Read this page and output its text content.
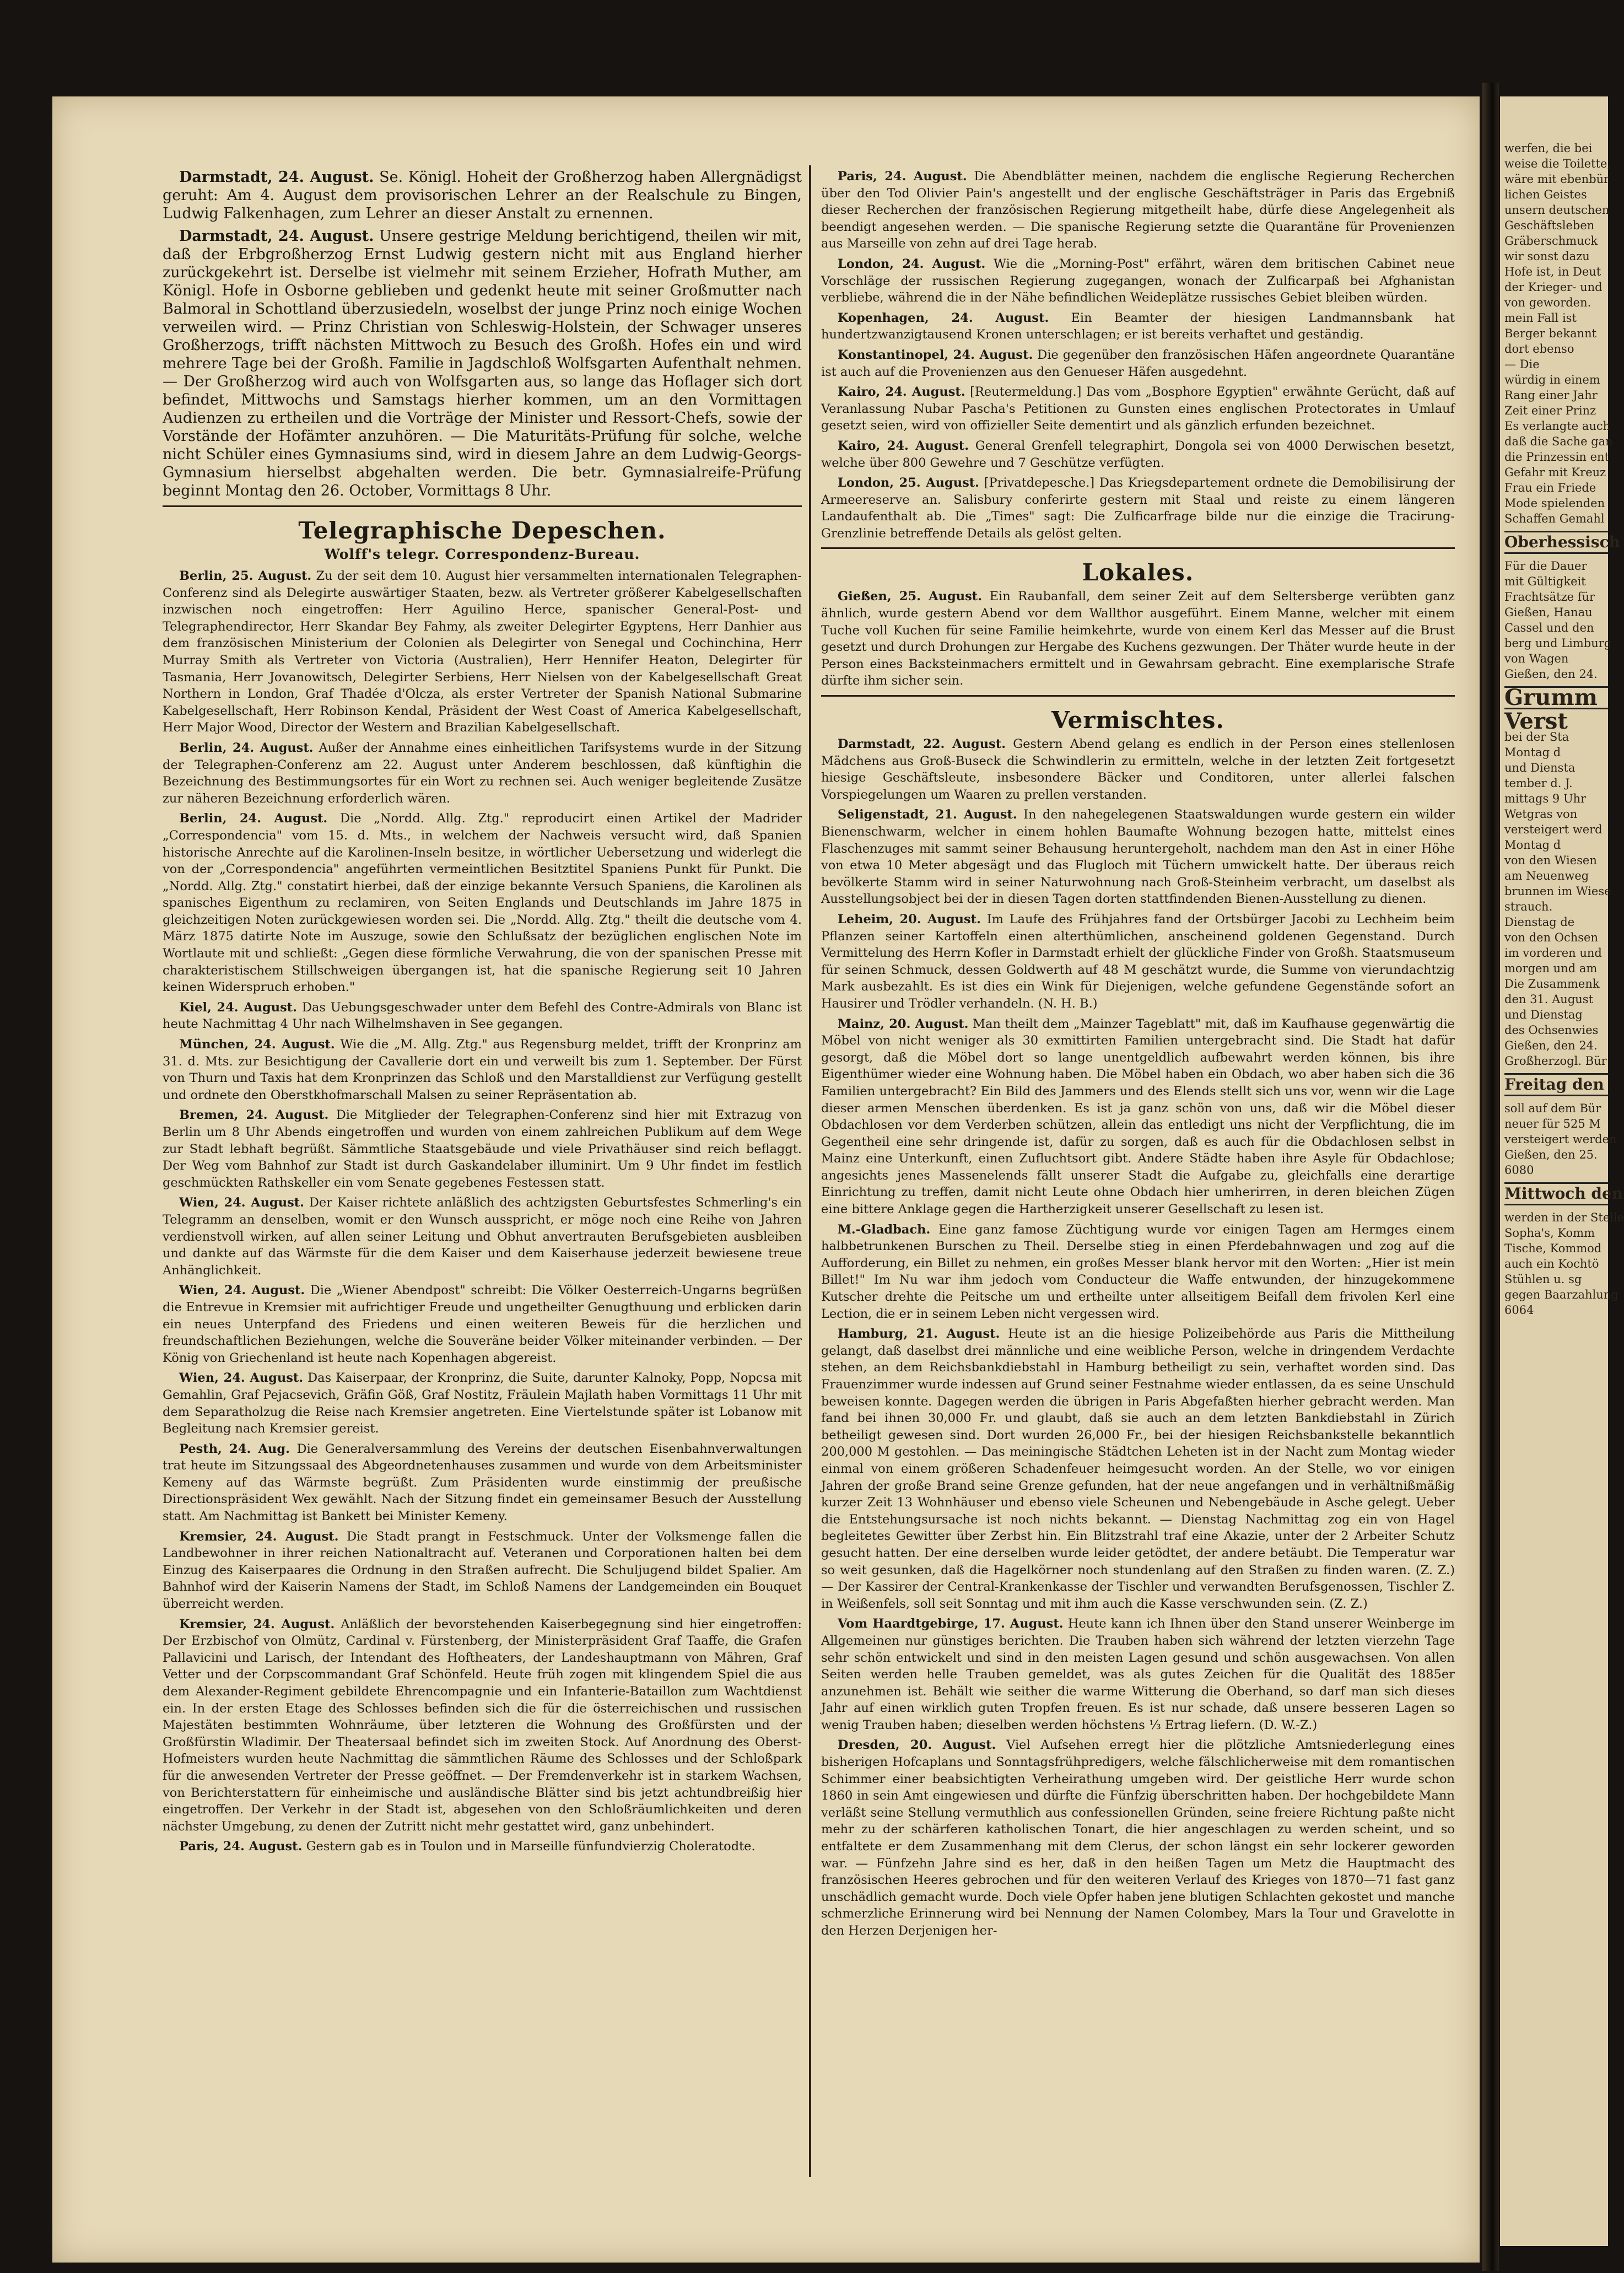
Darmstadt, 24. August. Se. Königl. Hoheit der Großherzog haben Allergnädigst geruht: Am 4. August dem provisorischen Lehrer an der Realschule zu Bingen, Ludwig Falkenhagen, zum Lehrer an dieser Anstalt zu ernennen.

Darmstadt, 24. August. Unsere gestrige Meldung berichtigend, theilen wir mit, daß der Erbgroßherzog Ernst Ludwig gestern nicht mit aus England hierher zurückgekehrt ist. Derselbe ist vielmehr mit seinem Erzieher, Hofrath Muther, am Königl. Hofe in Osborne geblieben und gedenkt heute mit seiner Großmutter nach Balmoral in Schottland überzusiedeln, woselbst der junge Prinz noch einige Wochen verweilen wird. — Prinz Christian von Schleswig-Holstein, der Schwager unseres Großherzogs, trifft nächsten Mittwoch zu Besuch des Großh. Hofes ein und wird mehrere Tage bei der Großh. Familie in Jagdschloß Wolfsgarten Aufenthalt nehmen. — Der Großherzog wird auch von Wolfsgarten aus, so lange das Hoflager sich dort befindet, Mittwochs und Samstags hierher kommen, um an den Vormittagen Audienzen zu ertheilen und die Vorträge der Minister und Ressort-Chefs, sowie der Vorstände der Hofämter anzuhören. — Die Maturitäts-Prüfung für solche, welche nicht Schüler eines Gymnasiums sind, wird in diesem Jahre an dem Ludwig-Georgs-Gymnasium hierselbst abgehalten werden. Die betr. Gymnasialreife-Prüfung beginnt Montag den 26. October, Vormittags 8 Uhr.

Telegraphische Depeschen.
Wolff's telegr. Correspondenz-Bureau.

Berlin, 25. August. Zu der seit dem 10. August hier versammelten internationalen Telegraphen-Conferenz sind als Delegirte auswärtiger Staaten, bezw. als Vertreter größerer Kabelgesellschaften inzwischen noch eingetroffen: Herr Aguilino Herce, spanischer General-Post- und Telegraphendirector, Herr Skandar Bey Fahmy, als zweiter Delegirter Egyptens, Herr Danhier aus dem französischen Ministerium der Colonien als Delegirter von Senegal und Cochinchina, Herr Murray Smith als Vertreter von Victoria (Australien), Herr Hennifer Heaton, Delegirter für Tasmania, Herr Jovanowitsch, Delegirter Serbiens, Herr Nielsen von der Kabelgesellschaft Great Northern in London, Graf Thadée d'Olcza, als erster Vertreter der Spanish National Submarine Kabelgesellschaft, Herr Robinson Kendal, Präsident der West Coast of America Kabelgesellschaft, Herr Major Wood, Director der Western and Brazilian Kabelgesellschaft.

Berlin, 24. August. Außer der Annahme eines einheitlichen Tarifsystems wurde in der Sitzung der Telegraphen-Conferenz am 22. August unter Anderem beschlossen, daß künftighin die Bezeichnung des Bestimmungsortes für ein Wort zu rechnen sei. Auch weniger begleitende Zusätze zur näheren Bezeichnung erforderlich wären.

Berlin, 24. August. Die „Nordd. Allg. Ztg." reproducirt einen Artikel der Madrider „Correspondencia" vom 15. d. Mts., in welchem der Nachweis versucht wird, daß Spanien historische Anrechte auf die Karolinen-Inseln besitze, in wörtlicher Uebersetzung und widerlegt die von der „Correspondencia" angeführten vermeintlichen Besitztitel Spaniens Punkt für Punkt. Die „Nordd. Allg. Ztg." constatirt hierbei, daß der einzige bekannte Versuch Spaniens, die Karolinen als spanisches Eigenthum zu reclamiren, von Seiten Englands und Deutschlands im Jahre 1875 in gleichzeitigen Noten zurückgewiesen worden sei. Die „Nordd. Allg. Ztg." theilt die deutsche vom 4. März 1875 datirte Note im Auszuge, sowie den Schlußsatz der bezüglichen englischen Note im Wortlaute mit und schließt: „Gegen diese förmliche Verwahrung, die von der spanischen Presse mit charakteristischem Stillschweigen übergangen ist, hat die spanische Regierung seit 10 Jahren keinen Widerspruch erhoben."

Kiel, 24. August. Das Uebungsgeschwader unter dem Befehl des Contre-Admirals von Blanc ist heute Nachmittag 4 Uhr nach Wilhelmshaven in See gegangen.

München, 24. August. Wie die „M. Allg. Ztg." aus Regensburg meldet, trifft der Kronprinz am 31. d. Mts. zur Besichtigung der Cavallerie dort ein und verweilt bis zum 1. September. Der Fürst von Thurn und Taxis hat dem Kronprinzen das Schloß und den Marstalldienst zur Verfügung gestellt und ordnete den Oberstkhofmarschall Malsen zu seiner Repräsentation ab.

Bremen, 24. August. Die Mitglieder der Telegraphen-Conferenz sind hier mit Extrazug von Berlin um 8 Uhr Abends eingetroffen und wurden von einem zahlreichen Publikum auf dem Wege zur Stadt lebhaft begrüßt. Sämmtliche Staatsgebäude und viele Privathäuser sind reich beflaggt. Der Weg vom Bahnhof zur Stadt ist durch Gaskandelaber illuminirt. Um 9 Uhr findet im festlich geschmückten Rathskeller ein vom Senate gegebenes Festessen statt.

Wien, 24. August. Der Kaiser richtete anläßlich des achtzigsten Geburtsfestes Schmerling's ein Telegramm an denselben, womit er den Wunsch ausspricht, er möge noch eine Reihe von Jahren verdienstvoll wirken, auf allen seiner Leitung und Obhut anvertrauten Berufsgebieten ausbleiben und dankte auf das Wärmste für die dem Kaiser und dem Kaiserhause jederzeit bewiesene treue Anhänglichkeit.

Wien, 24. August. Die „Wiener Abendpost" schreibt: Die Völker Oesterreich-Ungarns begrüßen die Entrevue in Kremsier mit aufrichtiger Freude und ungetheilter Genugthuung und erblicken darin ein neues Unterpfand des Friedens und einen weiteren Beweis für die herzlichen und freundschaftlichen Beziehungen, welche die Souveräne beider Völker miteinander verbinden. — Der König von Griechenland ist heute nach Kopenhagen abgereist.

Wien, 24. August. Das Kaiserpaar, der Kronprinz, die Suite, darunter Kalnoky, Popp, Nopcsa mit Gemahlin, Graf Pejacsevich, Gräfin Göß, Graf Nostitz, Fräulein Majlath haben Vormittags 11 Uhr mit dem Separatholzug die Reise nach Kremsier angetreten. Eine Viertelstunde später ist Lobanow mit Begleitung nach Kremsier gereist.

Pesth, 24. Aug. Die Generalversammlung des Vereins der deutschen Eisenbahnverwaltungen trat heute im Sitzungssaal des Abgeordnetenhauses zusammen und wurde von dem Arbeitsminister Kemeny auf das Wärmste begrüßt. Zum Präsidenten wurde einstimmig der preußische Directionspräsident Wex gewählt. Nach der Sitzung findet ein gemeinsamer Besuch der Ausstellung statt. Am Nachmittag ist Bankett bei Minister Kemeny.

Kremsier, 24. August. Die Stadt prangt in Festschmuck. Unter der Volksmenge fallen die Landbewohner in ihrer reichen Nationaltracht auf. Veteranen und Corporationen halten bei dem Einzug des Kaiserpaares die Ordnung in den Straßen aufrecht. Die Schuljugend bildet Spalier. Am Bahnhof wird der Kaiserin Namens der Stadt, im Schloß Namens der Landgemeinden ein Bouquet überreicht werden.

Kremsier, 24. August. Anläßlich der bevorstehenden Kaiserbegegnung sind hier eingetroffen: Der Erzbischof von Olmütz, Cardinal v. Fürstenberg, der Ministerpräsident Graf Taaffe, die Grafen Pallavicini und Larisch, der Intendant des Hoftheaters, der Landeshauptmann von Mähren, Graf Vetter und der Corpscommandant Graf Schönfeld. Heute früh zogen mit klingendem Spiel die aus dem Alexander-Regiment gebildete Ehrencompagnie und ein Infanterie-Bataillon zum Wachtdienst ein. In der ersten Etage des Schlosses befinden sich die für die österreichischen und russischen Majestäten bestimmten Wohnräume, über letzteren die Wohnung des Großfürsten und der Großfürstin Wladimir. Der Theatersaal befindet sich im zweiten Stock. Auf Anordnung des Oberst-Hofmeisters wurden heute Nachmittag die sämmtlichen Räume des Schlosses und der Schloßpark für die anwesenden Vertreter der Presse geöffnet. — Der Fremdenverkehr ist in starkem Wachsen, von Berichterstattern für einheimische und ausländische Blätter sind bis jetzt achtundbreißig hier eingetroffen. Der Verkehr in der Stadt ist, abgesehen von den Schloßräumlichkeiten und deren nächster Umgebung, zu denen der Zutritt nicht mehr gestattet wird, ganz unbehindert.

Paris, 24. August. Gestern gab es in Toulon und in Marseille fünfundvierzig Choleratodte.

Paris, 24. August. Die Abendblätter meinen, nachdem die englische Regierung Recherchen über den Tod Olivier Pain's angestellt und der englische Geschäftsträger in Paris das Ergebniß dieser Recherchen der französischen Regierung mitgetheilt habe, dürfe diese Angelegenheit als beendigt angesehen werden. — Die spanische Regierung setzte die Quarantäne für Provenienzen aus Marseille von zehn auf drei Tage herab.

London, 24. August. Wie die „Morning-Post" erfährt, wären dem britischen Cabinet neue Vorschläge der russischen Regierung zugegangen, wonach der Zulficarpaß bei Afghanistan verbliebe, während die in der Nähe befindlichen Weideplätze russisches Gebiet bleiben würden.

Kopenhagen, 24. August. Ein Beamter der hiesigen Landmannsbank hat hundertzwanzigtausend Kronen unterschlagen; er ist bereits verhaftet und geständig.

Konstantinopel, 24. August. Die gegenüber den französischen Häfen angeordnete Quarantäne ist auch auf die Provenienzen aus den Genueser Häfen ausgedehnt.

Kairo, 24. August. [Reutermeldung.] Das vom „Bosphore Egyptien" erwähnte Gerücht, daß auf Veranlassung Nubar Pascha's Petitionen zu Gunsten eines englischen Protectorates in Umlauf gesetzt seien, wird von offizieller Seite dementirt und als gänzlich erfunden bezeichnet.

Kairo, 24. August. General Grenfell telegraphirt, Dongola sei von 4000 Derwischen besetzt, welche über 800 Gewehre und 7 Geschütze verfügten.

London, 25. August. [Privatdepesche.] Das Kriegsdepartement ordnete die Demobilisirung der Armeereserve an. Salisbury conferirte gestern mit Staal und reiste zu einem längeren Landaufenthalt ab. Die „Times" sagt: Die Zulficarfrage bilde nur die einzige die Tracirung-Grenzlinie betreffende Details als gelöst gelten.

Lokales.

Gießen, 25. August. Ein Raubanfall, dem seiner Zeit auf dem Seltersberge verübten ganz ähnlich, wurde gestern Abend vor dem Wallthor ausgeführt. Einem Manne, welcher mit einem Tuche voll Kuchen für seine Familie heimkehrte, wurde von einem Kerl das Messer auf die Brust gesetzt und durch Drohungen zur Hergabe des Kuchens gezwungen. Der Thäter wurde heute in der Person eines Backsteinmachers ermittelt und in Gewahrsam gebracht. Eine exemplarische Strafe dürfte ihm sicher sein.

Vermischtes.

Darmstadt, 22. August. Gestern Abend gelang es endlich in der Person eines stellenlosen Mädchens aus Groß-Buseck die Schwindlerin zu ermitteln, welche in der letzten Zeit fortgesetzt hiesige Geschäftsleute, insbesondere Bäcker und Conditoren, unter allerlei falschen Vorspiegelungen um Waaren zu prellen verstanden.

Seligenstadt, 21. August. In den nahegelegenen Staatswaldungen wurde gestern ein wilder Bienenschwarm, welcher in einem hohlen Baumafte Wohnung bezogen hatte, mittelst eines Flaschenzuges mit sammt seiner Behausung heruntergeholt, nachdem man den Ast in einer Höhe von etwa 10 Meter abgesägt und das Flugloch mit Tüchern umwickelt hatte. Der überaus reich bevölkerte Stamm wird in seiner Naturwohnung nach Groß-Steinheim verbracht, um daselbst als Ausstellungsobject bei der in diesen Tagen dorten stattfindenden Bienen-Ausstellung zu dienen.

Leheim, 20. August. Im Laufe des Frühjahres fand der Ortsbürger Jacobi zu Lechheim beim Pflanzen seiner Kartoffeln einen alterthümlichen, anscheinend goldenen Gegenstand. Durch Vermittelung des Herrn Kofler in Darmstadt erhielt der glückliche Finder von Großh. Staatsmuseum für seinen Schmuck, dessen Goldwerth auf 48 M geschätzt wurde, die Summe von vierundachtzig Mark ausbezahlt. Es ist dies ein Wink für Diejenigen, welche gefundene Gegenstände sofort an Hausirer und Trödler verhandeln. (N. H. B.)

Mainz, 20. August. Man theilt dem „Mainzer Tageblatt" mit, daß im Kaufhause gegenwärtig die Möbel von nicht weniger als 30 exmittirten Familien untergebracht sind. Die Stadt hat dafür gesorgt, daß die Möbel dort so lange unentgeldlich aufbewahrt werden können, bis ihre Eigenthümer wieder eine Wohnung haben. Die Möbel haben ein Obdach, wo aber haben sich die 36 Familien untergebracht? Ein Bild des Jammers und des Elends stellt sich uns vor, wenn wir die Lage dieser armen Menschen überdenken. Es ist ja ganz schön von uns, daß wir die Möbel dieser Obdachlosen vor dem Verderben schützen, allein das entledigt uns nicht der Verpflichtung, die im Gegentheil eine sehr dringende ist, dafür zu sorgen, daß es auch für die Obdachlosen selbst in Mainz eine Unterkunft, einen Zufluchtsort gibt. Andere Städte haben ihre Asyle für Obdachlose; angesichts jenes Massenelends fällt unserer Stadt die Aufgabe zu, gleichfalls eine derartige Einrichtung zu treffen, damit nicht Leute ohne Obdach hier umherirren, in deren bleichen Zügen eine bittere Anklage gegen die Hartherzigkeit unserer Gesellschaft zu lesen ist.

M.-Gladbach. Eine ganz famose Züchtigung wurde vor einigen Tagen am Hermges einem halbbetrunkenen Burschen zu Theil. Derselbe stieg in einen Pferdebahnwagen und zog auf die Aufforderung, ein Billet zu nehmen, ein großes Messer blank hervor mit den Worten: „Hier ist mein Billet!" Im Nu war ihm jedoch vom Conducteur die Waffe entwunden, der hinzugekommene Kutscher drehte die Peitsche um und ertheilte unter allseitigem Beifall dem frivolen Kerl eine Lection, die er in seinem Leben nicht vergessen wird.

Hamburg, 21. August. Heute ist an die hiesige Polizeibehörde aus Paris die Mittheilung gelangt, daß daselbst drei männliche und eine weibliche Person, welche in dringendem Verdachte stehen, an dem Reichsbankdiebstahl in Hamburg betheiligt zu sein, verhaftet worden sind. Das Frauenzimmer wurde indessen auf Grund seiner Festnahme wieder entlassen, da es seine Unschuld beweisen konnte. Dagegen werden die übrigen in Paris Abgefaßten hierher gebracht werden. Man fand bei ihnen 30,000 Fr. und glaubt, daß sie auch an dem letzten Bankdiebstahl in Zürich betheiligt gewesen sind. Dort wurden 26,000 Fr., bei der hiesigen Reichsbankstelle bekanntlich 200,000 M gestohlen. — Das meiningische Städtchen Leheten ist in der Nacht zum Montag wieder einmal von einem größeren Schadenfeuer heimgesucht worden. An der Stelle, wo vor einigen Jahren der große Brand seine Grenze gefunden, hat der neue angefangen und in verhältnißmäßig kurzer Zeit 13 Wohnhäuser und ebenso viele Scheunen und Nebengebäude in Asche gelegt. Ueber die Entstehungsursache ist noch nichts bekannt. — Dienstag Nachmittag zog ein von Hagel begleitetes Gewitter über Zerbst hin. Ein Blitzstrahl traf eine Akazie, unter der 2 Arbeiter Schutz gesucht hatten. Der eine derselben wurde leider getödtet, der andere betäubt. Die Temperatur war so weit gesunken, daß die Hagelkörner noch stundenlang auf den Straßen zu finden waren. (Z. Z.) — Der Kassirer der Central-Krankenkasse der Tischler und verwandten Berufsgenossen, Tischler Z. in Weißenfels, soll seit Sonntag und mit ihm auch die Kasse verschwunden sein. (Z. Z.)

Vom Haardtgebirge, 17. August. Heute kann ich Ihnen über den Stand unserer Weinberge im Allgemeinen nur günstiges berichten. Die Trauben haben sich während der letzten vierzehn Tage sehr schön entwickelt und sind in den meisten Lagen gesund und schön ausgewachsen. Von allen Seiten werden helle Trauben gemeldet, was als gutes Zeichen für die Qualität des 1885er anzunehmen ist. Behält wie seither die warme Witterung die Oberhand, so darf man sich dieses Jahr auf einen wirklich guten Tropfen freuen. Es ist nur schade, daß unsere besseren Lagen so wenig Trauben haben; dieselben werden höchstens ⅓ Ertrag liefern. (D. W.-Z.)

Dresden, 20. August. Viel Aufsehen erregt hier die plötzliche Amtsniederlegung eines bisherigen Hofcaplans und Sonntagsfrühpredigers, welche fälschlicherweise mit dem romantischen Schimmer einer beabsichtigten Verheirathung umgeben wird. Der geistliche Herr wurde schon 1860 in sein Amt eingewiesen und dürfte die Fünfzig überschritten haben. Der hochgebildete Mann verläßt seine Stellung vermuthlich aus confessionellen Gründen, seine freiere Richtung paßte nicht mehr zu der schärferen katholischen Tonart, die hier angeschlagen zu werden scheint, und so entfaltete er dem Zusammenhang mit dem Clerus, der schon längst ein sehr lockerer geworden war. — Fünfzehn Jahre sind es her, daß in den heißen Tagen um Metz die Hauptmacht des französischen Heeres gebrochen und für den weiteren Verlauf des Krieges von 1870—71 fast ganz unschädlich gemacht wurde. Doch viele Opfer haben jene blutigen Schlachten gekostet und manche schmerzliche Erinnerung wird bei Nennung der Namen Colombey, Mars la Tour und Gravelotte in den Herzen Derjenigen her-

werfen, die bei
weise die Toilette,
wäre mit ebenbür
lichen Geistes
unsern deutschen
Geschäftsleben
Gräberschmuck
wir sonst dazu
Hofe ist, in Deut
der Krieger- und
von geworden.
mein Fall ist
Berger bekannt
dort ebenso
— Die
würdig in einem
Rang einer Jahr
Zeit einer Prinz
Es verlangte auch
daß die Sache gan
die Prinzessin ent
Gefahr mit Kreuz
Frau ein Friede
Mode spielenden
Schaffen Gemahl
Oberhessisch
Für die Dauer
mit Gültigkeit
Frachtsätze für
Gießen, Hanau
Cassel und den
berg und Limburg
von Wagen
Gießen, den 24.
Grumm
Verst
bei der Sta
Montag d
und Diensta
tember d. J.
mittags 9 Uhr
Wetgras von
versteigert werd
Montag d
von den Wiesen
am Neuenweg
brunnen im Wiese
strauch.
Dienstag de
von den Ochsen
im vorderen und
morgen und am
Die Zusammenk
den 31. August
und Dienstag
des Ochsenwies
Gießen, den 24.
Großherzogl. Bür
Freitag den
soll auf dem Bür
neuer für 525 M
versteigert werden
Gießen, den 25.
6080
Mittwoch den
werden in der Stelle
Sopha's, Komm
Tische, Kommod
auch ein Kochtö
Stühlen u. sg
gegen Baarzahlung
6064
